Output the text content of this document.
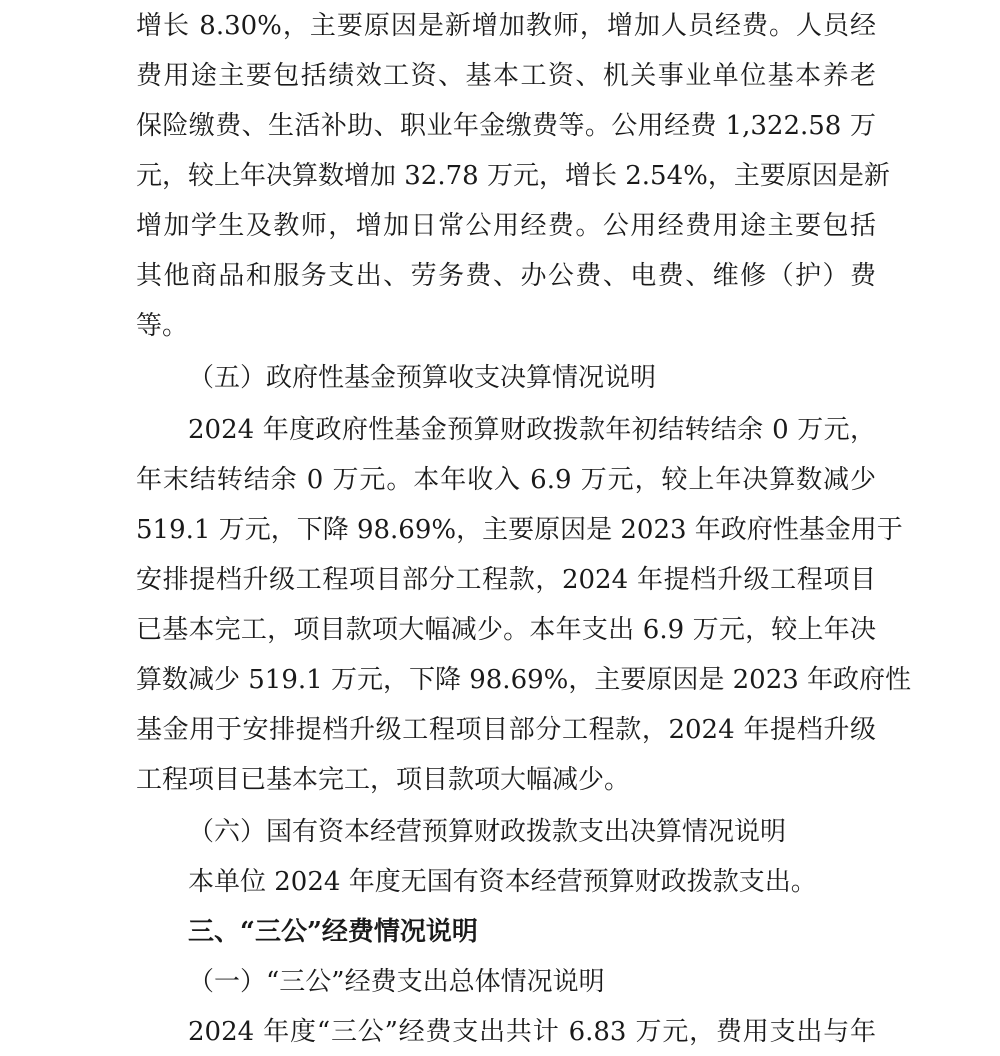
增长 8.30%，主要原因是新增加教师，增加人员经费。人员经
费用途主要包括绩效工资、基本工资、机关事业单位基本养老
保险缴费、生活补助、职业年金缴费等。公用经费 1,322.58 万
元，较上年决算数增加 32.78 万元，增长 2.54%，主要原因是新
增加学生及教师，增加日常公用经费。公用经费用途主要包括
其他商品和服务支出、劳务费、办公费、电费、维修（护）费
等。
（五）政府性基金预算收支决算情况说明
2024 年度政府性基金预算财政拨款年初结转结余 0 万元，
年末结转结余 0 万元。本年收入 6.9 万元，较上年决算数减少
519.1 万元，下降 98.69%，主要原因是 2023 年政府性基金用于
安排提档升级工程项目部分工程款，2024 年提档升级工程项目
已基本完工，项目款项大幅减少。本年支出 6.9 万元，较上年决
算数减少 519.1 万元，下降 98.69%，主要原因是 2023 年政府性
基金用于安排提档升级工程项目部分工程款，2024 年提档升级
工程项目已基本完工，项目款项大幅减少。
（六）国有资本经营预算财政拨款支出决算情况说明
本单位 2024 年度无国有资本经营预算财政拨款支出。
三、“三公”经费情况说明
（一）“三公”经费支出总体情况说明
2024 年度“三公”经费支出共计 6.83 万元，费用支出与年
